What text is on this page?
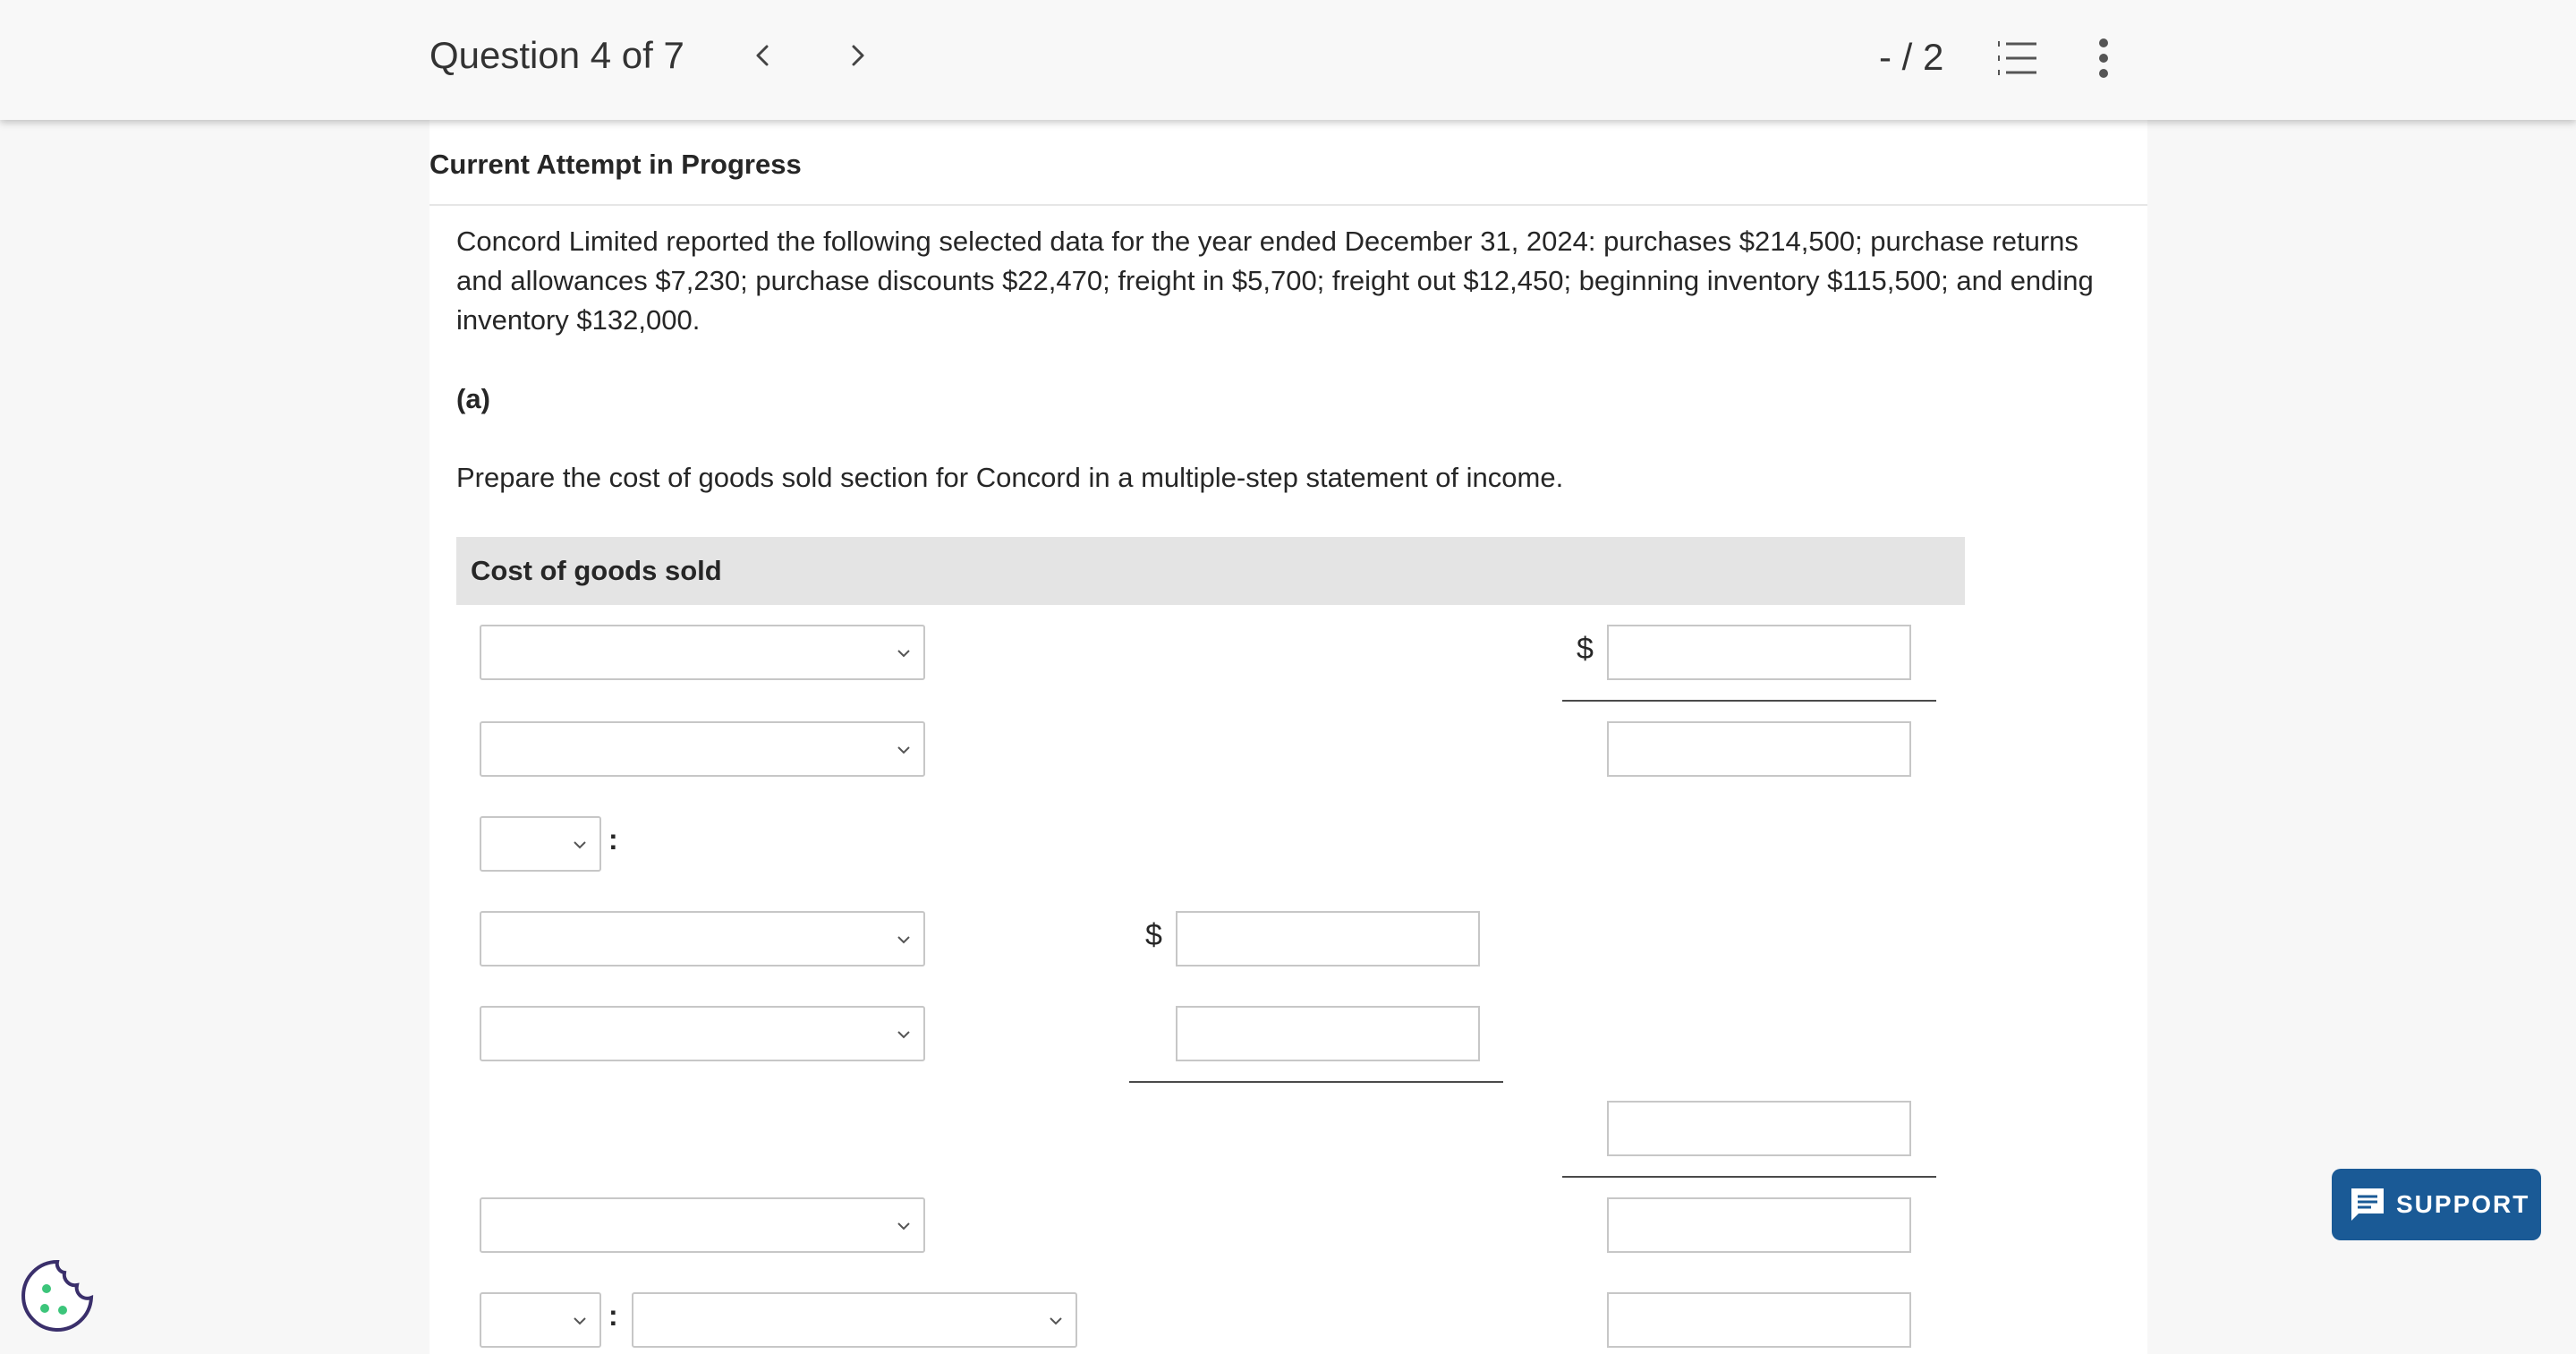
Question 4 of 7	- / 2
Current Attempt in Progress
Concord Limited reported the following selected data for the year ended December 31, 2024: purchases $214,500; purchase returns and allowances $7,230; purchase discounts $22,470; freight in $5,700; freight out $12,450; beginning inventory $115,500; and ending inventory $132,000.
(a)
Prepare the cost of goods sold section for Concord in a multiple-step statement of income.
Cost of goods sold
$
:
$
:
SUPPORT
